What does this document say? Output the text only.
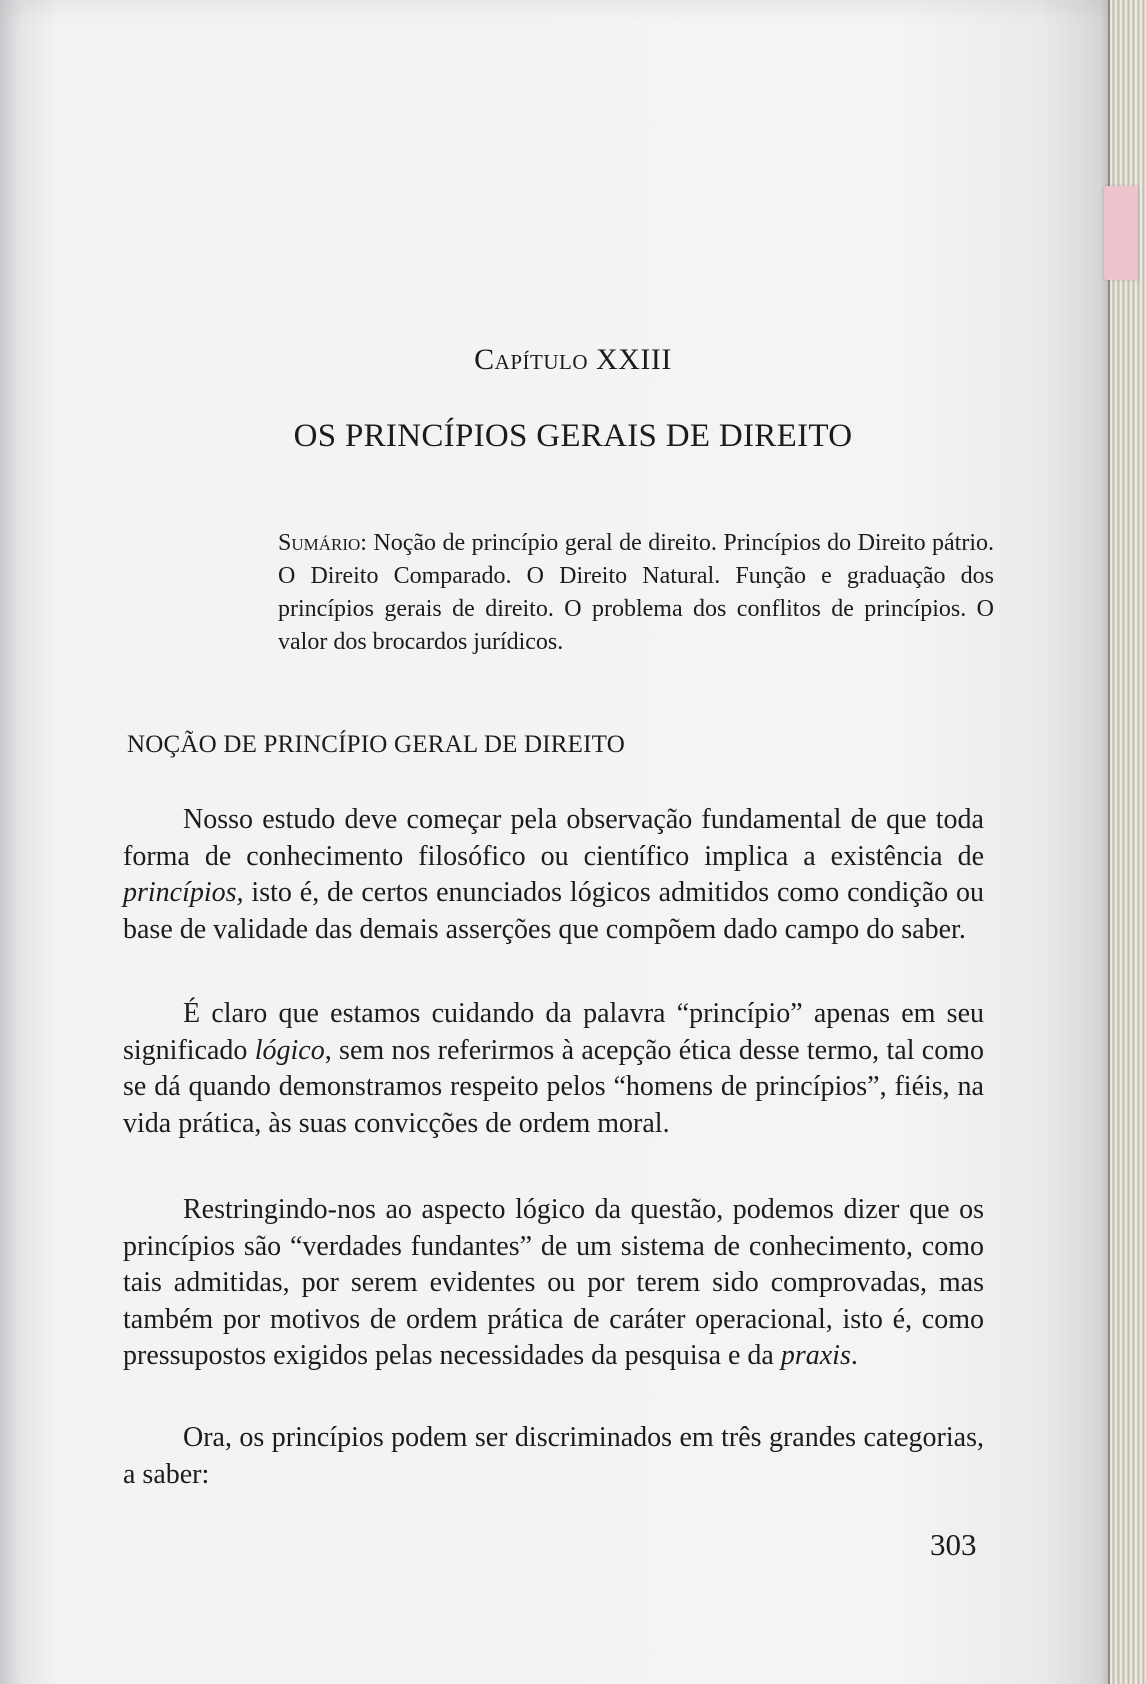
Capítulo XXIII
OS PRINCÍPIOS GERAIS DE DIREITO
Sumário: Noção de princípio geral de direito. Princípios do Direito pátrio. O Direito Comparado. O Direito Natural. Função e graduação dos princípios gerais de direito. O problema dos conflitos de princípios. O valor dos brocardos jurídicos.
NOÇÃO DE PRINCÍPIO GERAL DE DIREITO

Nosso estudo deve começar pela observação fundamental de que toda forma de conhecimento filosófico ou científico implica a existência de princípios, isto é, de certos enunciados lógicos admitidos como condição ou base de validade das demais asserções que compõem dado campo do saber.

É claro que estamos cuidando da palavra “princípio” apenas em seu significado lógico, sem nos referirmos à acepção ética desse termo, tal como se dá quando demonstramos respeito pelos “homens de princípios”, fiéis, na vida prática, às suas convicções de ordem moral.

Restringindo-nos ao aspecto lógico da questão, podemos dizer que os princípios são “verdades fundantes” de um sistema de conhecimento, como tais admitidas, por serem evidentes ou por terem sido comprovadas, mas também por motivos de ordem prática de caráter operacional, isto é, como pressupostos exigidos pelas necessidades da pesquisa e da praxis.

Ora, os princípios podem ser discriminados em três grandes categorias, a saber:

303
